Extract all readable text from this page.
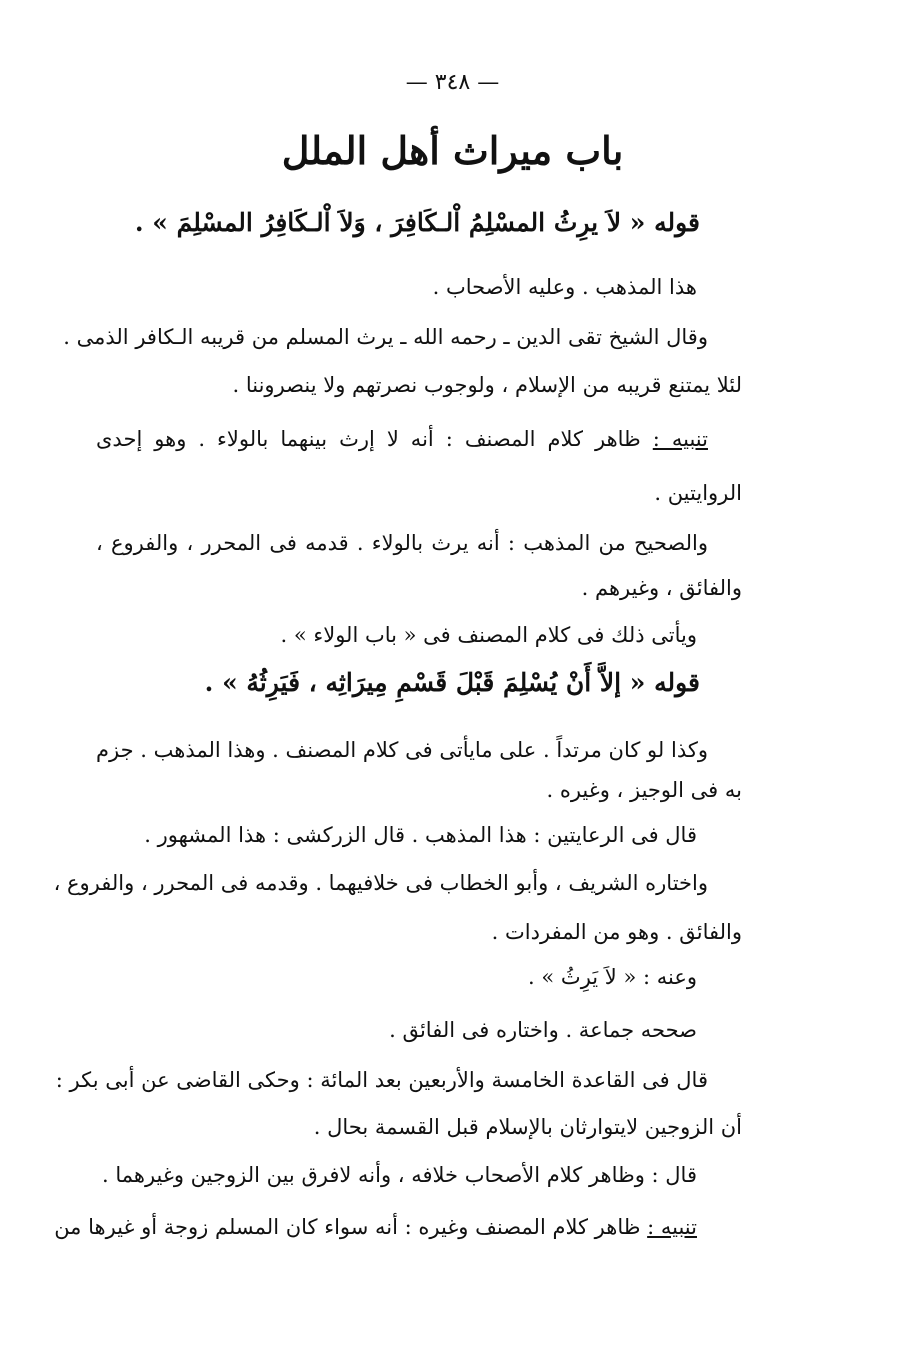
— ٣٤٨ —
باب ميراث أهل الملل
قوله « لاَ يرِثُ المسْلِمُ اْلـكَافِرَ ، وَلاَ اْلـكَافِرُ المسْلِمَ » .
هذا المذهب . وعليه الأصحاب .
وقال الشيخ تقى الدين ـ رحمه الله ـ يرث المسلم من قريبه الـكافر الذمى .
لئلا يمتنع قريبه من الإسلام ، ولوجوب نصرتهم ولا ينصروننا .
تنبيه : ظاهر كلام المصنف : أنه لا إرث بينهما بالولاء . وهو إحدى
الروايتين .
والصحيح من المذهب : أنه يرث بالولاء . قدمه فى المحرر ، والفروع ،
والفائق ، وغيرهم .
ويأتى ذلك فى كلام المصنف فى « باب الولاء » .
قوله « إلاَّ أَنْ يُسْلِمَ قَبْلَ قَسْمِ مِيرَاثِه ، فَيَرِثُهُ » .
وكذا لو كان مرتداً . على مايأتى فى كلام المصنف . وهذا المذهب . جزم
به فى الوجيز ، وغيره .
قال فى الرعايتين : هذا المذهب . قال الزركشى : هذا المشهور .
واختاره الشريف ، وأبو الخطاب فى خلافيهما . وقدمه فى المحرر ، والفروع ،
والفائق . وهو من المفردات .
وعنه : « لاَ يَرِثُ » .
صححه جماعة . واختاره فى الفائق .
قال فى القاعدة الخامسة والأربعين بعد المائة : وحكى القاضى عن أبى بكر :
أن الزوجين لايتوارثان بالإسلام قبل القسمة بحال .
قال : وظاهر كلام الأصحاب خلافه ، وأنه لافرق بين الزوجين وغيرهما .
تنبيه : ظاهر كلام المصنف وغيره : أنه سواء كان المسلم زوجة أو غيرها من
